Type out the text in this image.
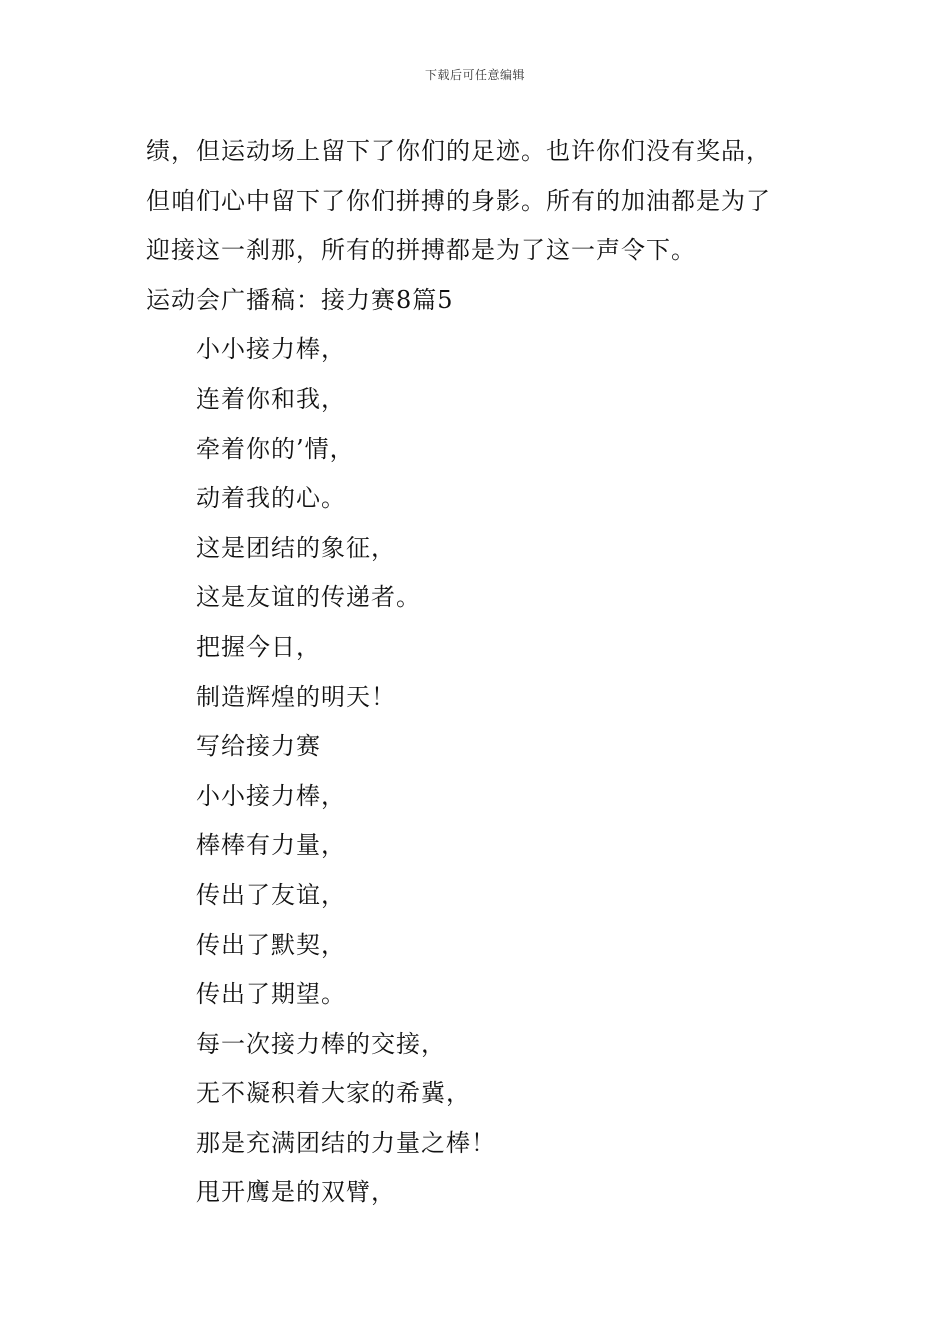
下载后可任意编辑
绩，但运动场上留下了你们的足迹。也许你们没有奖品，
但咱们心中留下了你们拼搏的身影。所有的加油都是为了
迎接这一刹那，所有的拼搏都是为了这一声令下。
运动会广播稿：接力赛8篇5
小小接力棒，
连着你和我，
牵着你的’情，
动着我的心。
这是团结的象征，
这是友谊的传递者。
把握今日，
制造辉煌的明天！
写给接力赛
小小接力棒，
棒棒有力量，
传出了友谊，
传出了默契，
传出了期望。
每一次接力棒的交接，
无不凝积着大家的希冀，
那是充满团结的力量之棒！
甩开鹰是的双臂，
